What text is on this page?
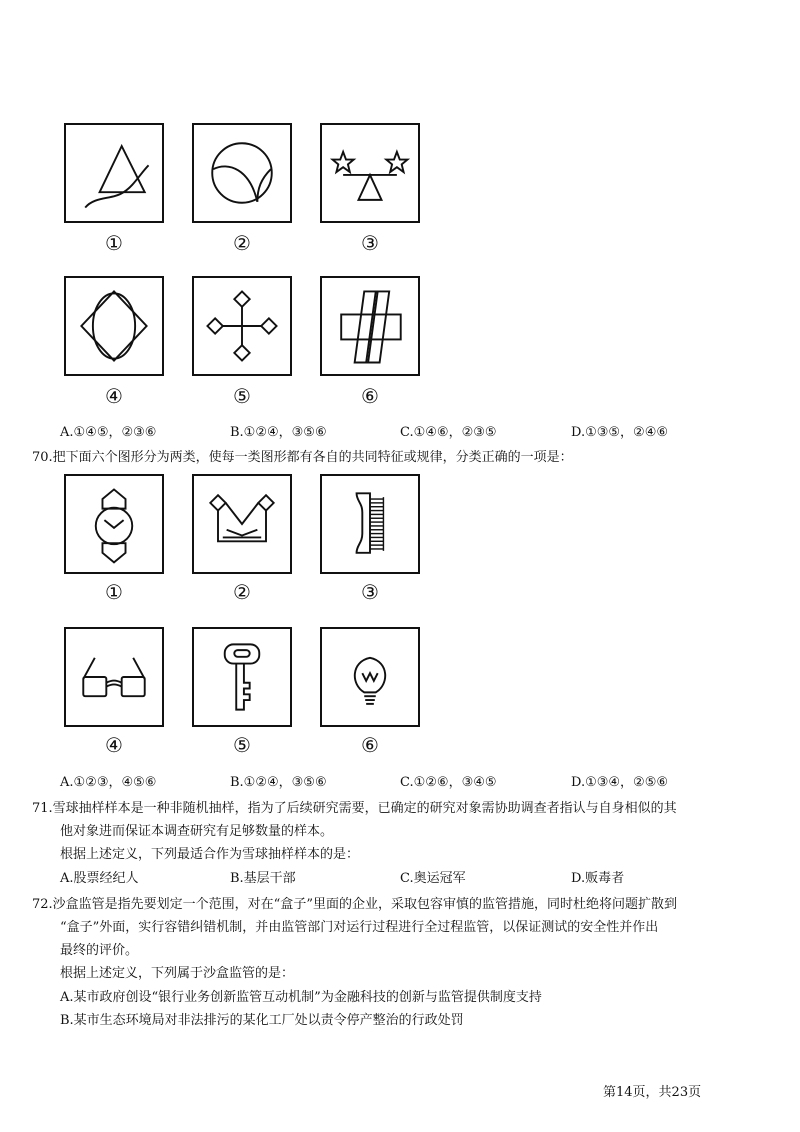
①	②	③
④	⑤	⑥
A.①④⑤，②③⑥	B.①②④，③⑤⑥	C.①④⑥，②③⑤	D.①③⑤，②④⑥
70.把下面六个图形分为两类，使每一类图形都有各自的共同特征或规律，分类正确的一项是：
①	②	③
④	⑤	⑥
A.①②③，④⑤⑥	B.①②④，③⑤⑥	C.①②⑥，③④⑤	D.①③④，②⑤⑥
71.雪球抽样样本是一种非随机抽样，指为了后续研究需要，已确定的研究对象需协助调查者指认与自身相似的其
他对象进而保证本调查研究有足够数量的样本。
根据上述定义，下列最适合作为雪球抽样样本的是：
A.股票经纪人	B.基层干部	C.奥运冠军	D.贩毒者
72.沙盒监管是指先要划定一个范围，对在“盒子”里面的企业，采取包容审慎的监管措施，同时杜绝将问题扩散到
“盒子”外面，实行容错纠错机制，并由监管部门对运行过程进行全过程监管，以保证测试的安全性并作出
最终的评价。
根据上述定义，下列属于沙盒监管的是：
A.某市政府创设“银行业务创新监管互动机制”为金融科技的创新与监管提供制度支持
B.某市生态环境局对非法排污的某化工厂处以责令停产整治的行政处罚
第14页，共23页
